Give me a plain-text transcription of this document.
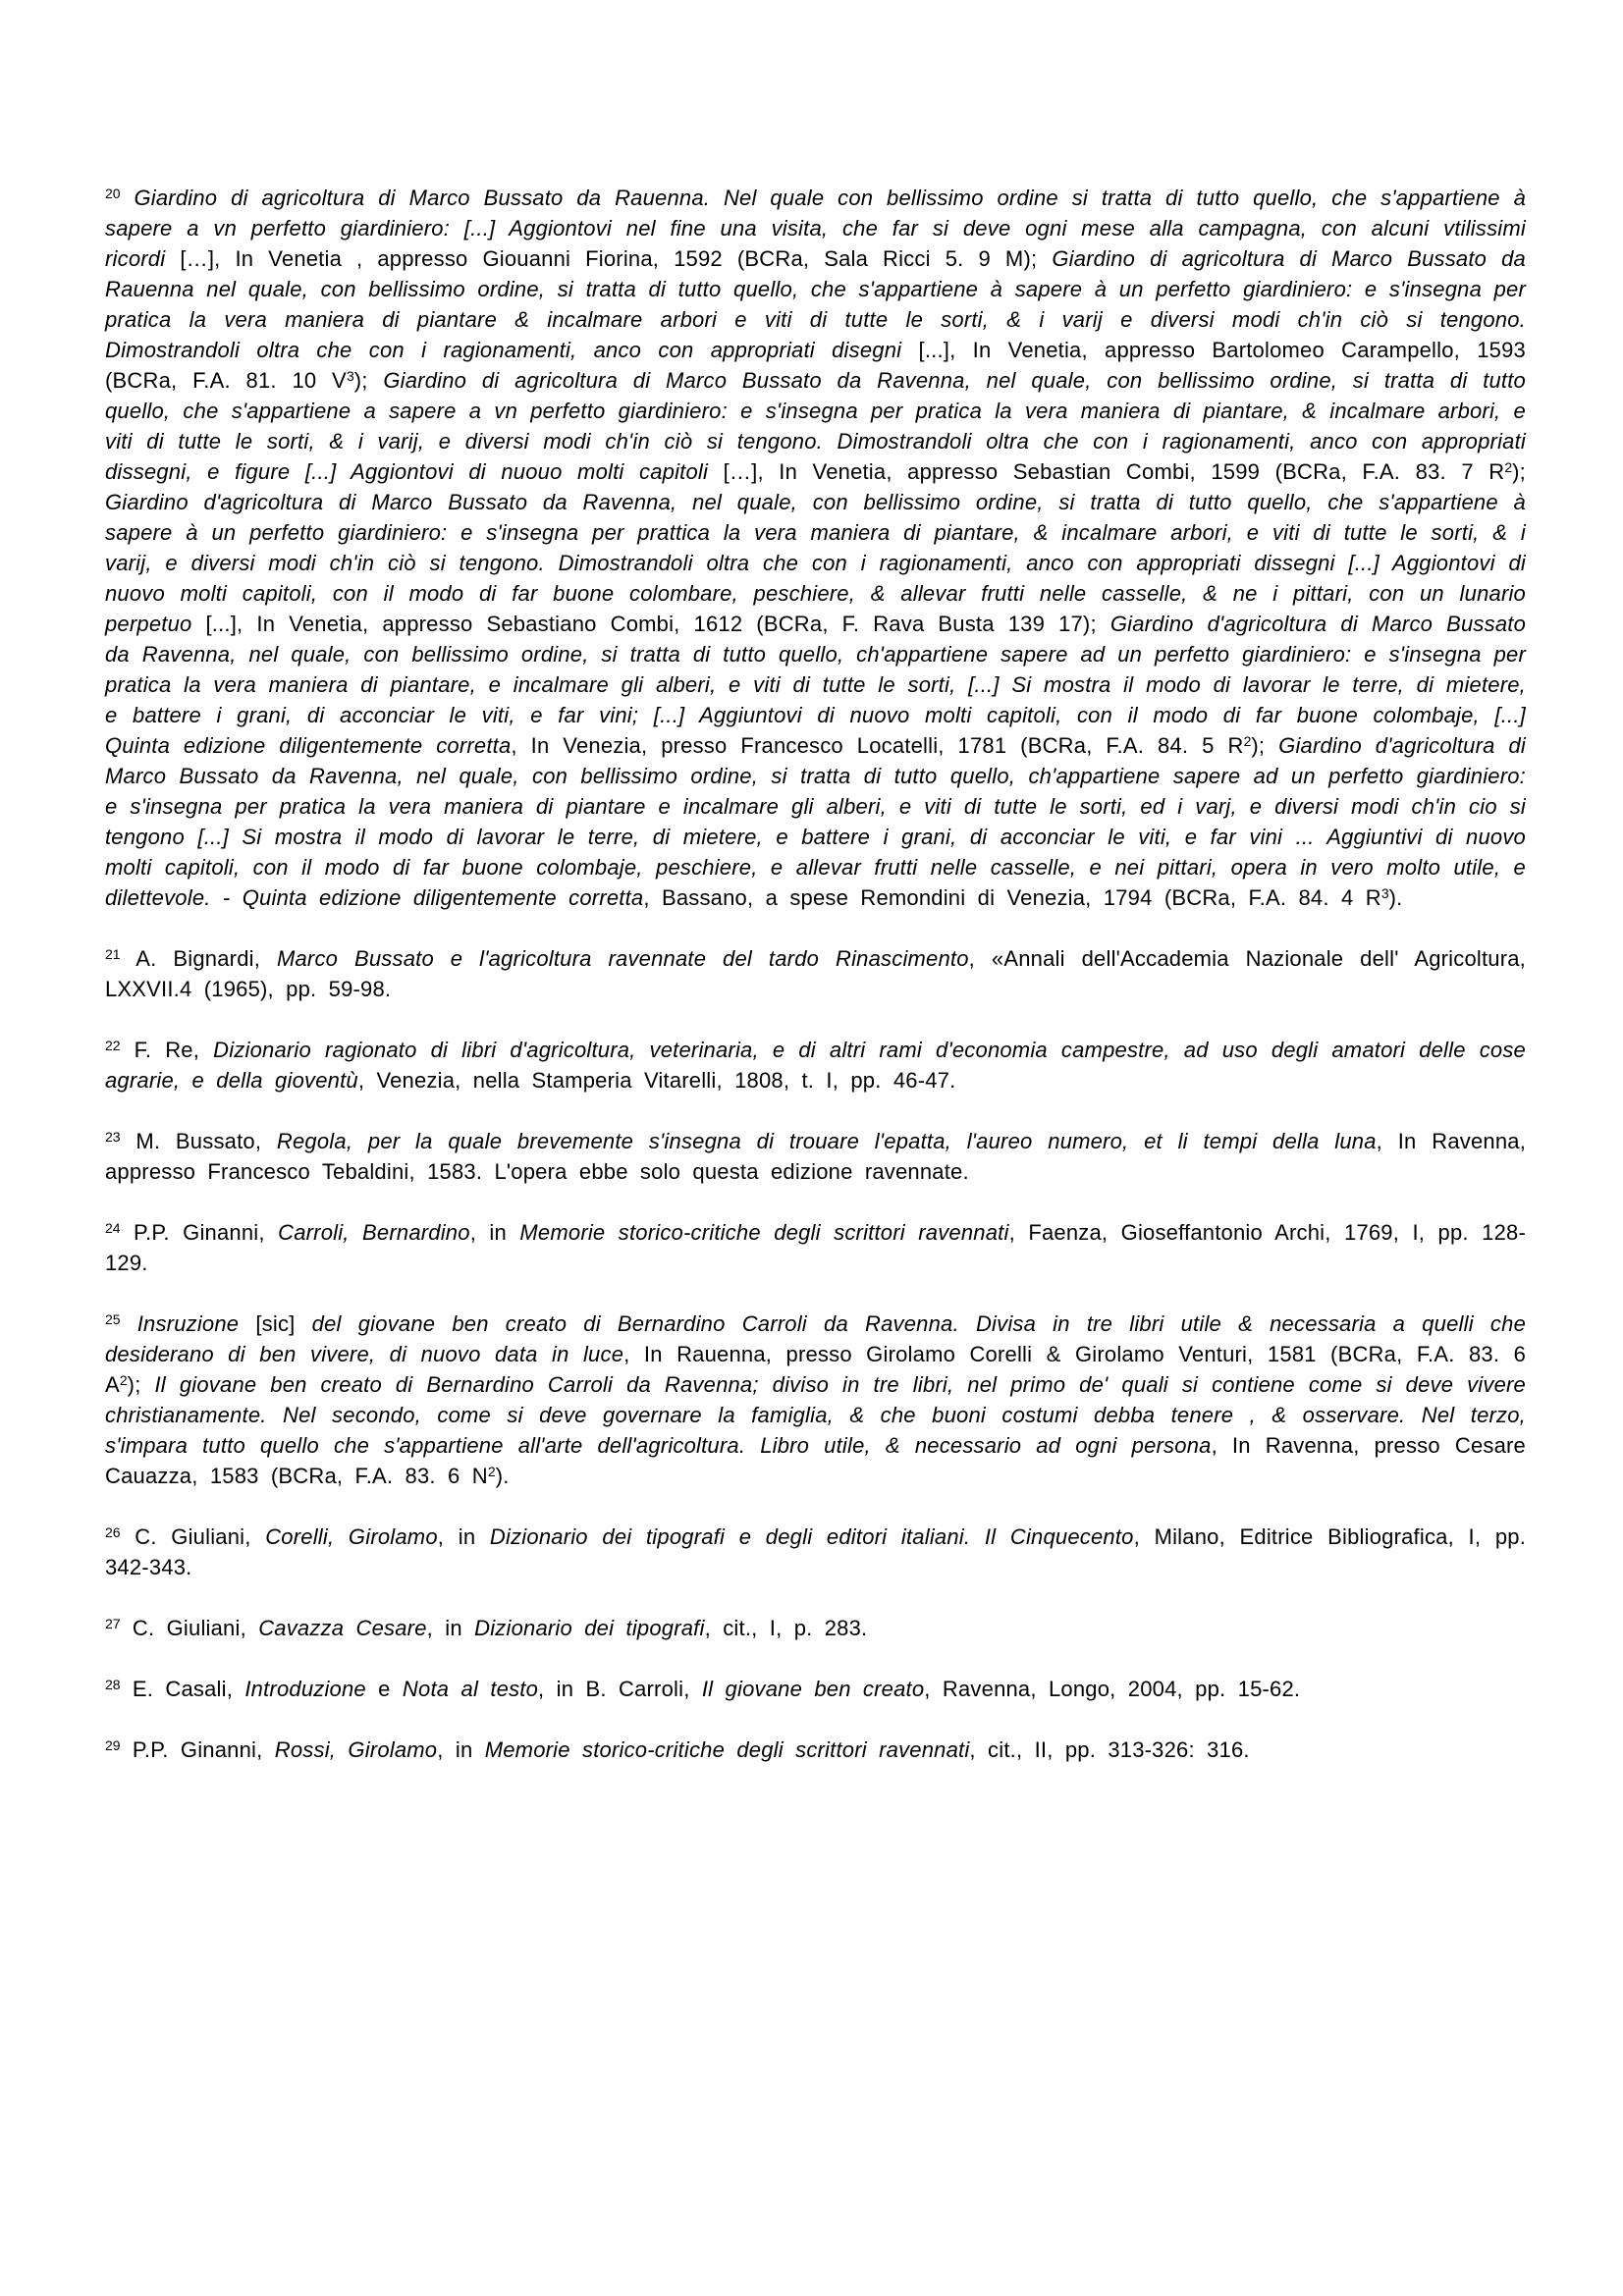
$^{20}$ Giardino di agricoltura di Marco Bussato da Rauenna. Nel quale con bellissimo ordine si tratta di tutto quello, che s'appartiene à sapere a vn perfetto giardiniero: [...] Aggiontovi nel fine una visita, che far si deve ogni mese alla campagna, con alcuni vtilissimi ricordi […], In Venetia , appresso Giouanni Fiorina, 1592 (BCRa, Sala Ricci 5. 9 M); Giardino di agricoltura di Marco Bussato da Rauenna nel quale, con bellissimo ordine, si tratta di tutto quello, che s'appartiene à sapere à un perfetto giardiniero: e s'insegna per pratica la vera maniera di piantare & incalmare arbori e viti di tutte le sorti, & i varij e diversi modi ch'in ciò si tengono. Dimostrandoli oltra che con i ragionamenti, anco con appropriati disegni [...], In Venetia, appresso Bartolomeo Carampello, 1593 (BCRa, F.A. 81. 10 $V^3$); Giardino di agricoltura di Marco Bussato da Ravenna, nel quale, con bellissimo ordine, si tratta di tutto quello, che s'appartiene a sapere a vn perfetto giardiniero: e s'insegna per pratica la vera maniera di piantare, & incalmare arbori, e viti di tutte le sorti, & i varij, e diversi modi ch'in ciò si tengono. Dimostrandoli oltra che con i ragionamenti, anco con appropriati dissegni, e figure [...] Aggiontovi di nuouo molti capitoli […], In Venetia, appresso Sebastian Combi, 1599 (BCRa, F.A. 83. 7 $R^2$); Giardino d'agricoltura di Marco Bussato da Ravenna, nel quale, con bellissimo ordine, si tratta di tutto quello, che s'appartiene à sapere à un perfetto giardiniero: e s'insegna per prattica la vera maniera di piantare, & incalmare arbori, e viti di tutte le sorti, & i varij, e diversi modi ch'in ciò si tengono. Dimostrandoli oltra che con i ragionamenti, anco con appropriati dissegni [...] Aggiontovi di nuovo molti capitoli, con il modo di far buone colombare, peschiere, & allevar frutti nelle casselle, & ne i pittari, con un lunario perpetuo [...], In Venetia, appresso Sebastiano Combi, 1612 (BCRa, F. Rava Busta 139 17); Giardino d'agricoltura di Marco Bussato da Ravenna, nel quale, con bellissimo ordine, si tratta di tutto quello, ch'appartiene sapere ad un perfetto giardiniero: e s'insegna per pratica la vera maniera di piantare, e incalmare gli alberi, e viti di tutte le sorti, [...] Si mostra il modo di lavorar le terre, di mietere, e battere i grani, di acconciar le viti, e far vini; [...] Aggiuntovi di nuovo molti capitoli, con il modo di far buone colombaje, [...] Quinta edizione diligentemente corretta, In Venezia, presso Francesco Locatelli, 1781 (BCRa, F.A. 84. 5 $R^2$); Giardino d'agricoltura di Marco Bussato da Ravenna, nel quale, con bellissimo ordine, si tratta di tutto quello, ch'appartiene sapere ad un perfetto giardiniero: e s'insegna per pratica la vera maniera di piantare e incalmare gli alberi, e viti di tutte le sorti, ed i varj, e diversi modi ch'in cio si tengono [...] Si mostra il modo di lavorar le terre, di mietere, e battere i grani, di acconciar le viti, e far vini ... Aggiuntivi di nuovo molti capitoli, con il modo di far buone colombaje, peschiere, e allevar frutti nelle casselle, e nei pittari, opera in vero molto utile, e dilettevole. - Quinta edizione diligentemente corretta, Bassano, a spese Remondini di Venezia, 1794 (BCRa, F.A. 84. 4 $R^3$).

$^{21}$ A. Bignardi, Marco Bussato e l'agricoltura ravennate del tardo Rinascimento, «Annali dell'Accademia Nazionale dell' Agricoltura, LXXVII.4 (1965), pp. 59-98.

$^{22}$ F. Re, Dizionario ragionato di libri d'agricoltura, veterinaria, e di altri rami d'economia campestre, ad uso degli amatori delle cose agrarie, e della gioventù, Venezia, nella Stamperia Vitarelli, 1808, t. I, pp. 46-47.

$^{23}$ M. Bussato, Regola, per la quale brevemente s'insegna di trouare l'epatta, l'aureo numero, et li tempi della luna, In Ravenna, appresso Francesco Tebaldini, 1583. L'opera ebbe solo questa edizione ravennate.

$^{24}$ P.P. Ginanni, Carroli, Bernardino, in Memorie storico-critiche degli scrittori ravennati, Faenza, Gioseffantonio Archi, 1769, I, pp. 128-129.

$^{25}$ Insruzione [sic] del giovane ben creato di Bernardino Carroli da Ravenna. Divisa in tre libri utile & necessaria a quelli che desiderano di ben vivere, di nuovo data in luce, In Rauenna, presso Girolamo Corelli & Girolamo Venturi, 1581 (BCRa, F.A. 83. 6 $A^2$); Il giovane ben creato di Bernardino Carroli da Ravenna; diviso in tre libri, nel primo de' quali si contiene come si deve vivere christianamente. Nel secondo, come si deve governare la famiglia, & che buoni costumi debba tenere , & osservare. Nel terzo, s'impara tutto quello che s'appartiene all'arte dell'agricoltura. Libro utile, & necessario ad ogni persona, In Ravenna, presso Cesare Cauazza, 1583 (BCRa, F.A. 83. 6 $N^2$).

$^{26}$ C. Giuliani, Corelli, Girolamo, in Dizionario dei tipografi e degli editori italiani. Il Cinquecento, Milano, Editrice Bibliografica, I, pp. 342-343.

$^{27}$ C. Giuliani, Cavazza Cesare, in Dizionario dei tipografi, cit., I, p. 283.

$^{28}$ E. Casali, Introduzione e Nota al testo, in B. Carroli, Il giovane ben creato, Ravenna, Longo, 2004, pp. 15-62.

$^{29}$ P.P. Ginanni, Rossi, Girolamo, in Memorie storico-critiche degli scrittori ravennati, cit., II, pp. 313-326: 316.
